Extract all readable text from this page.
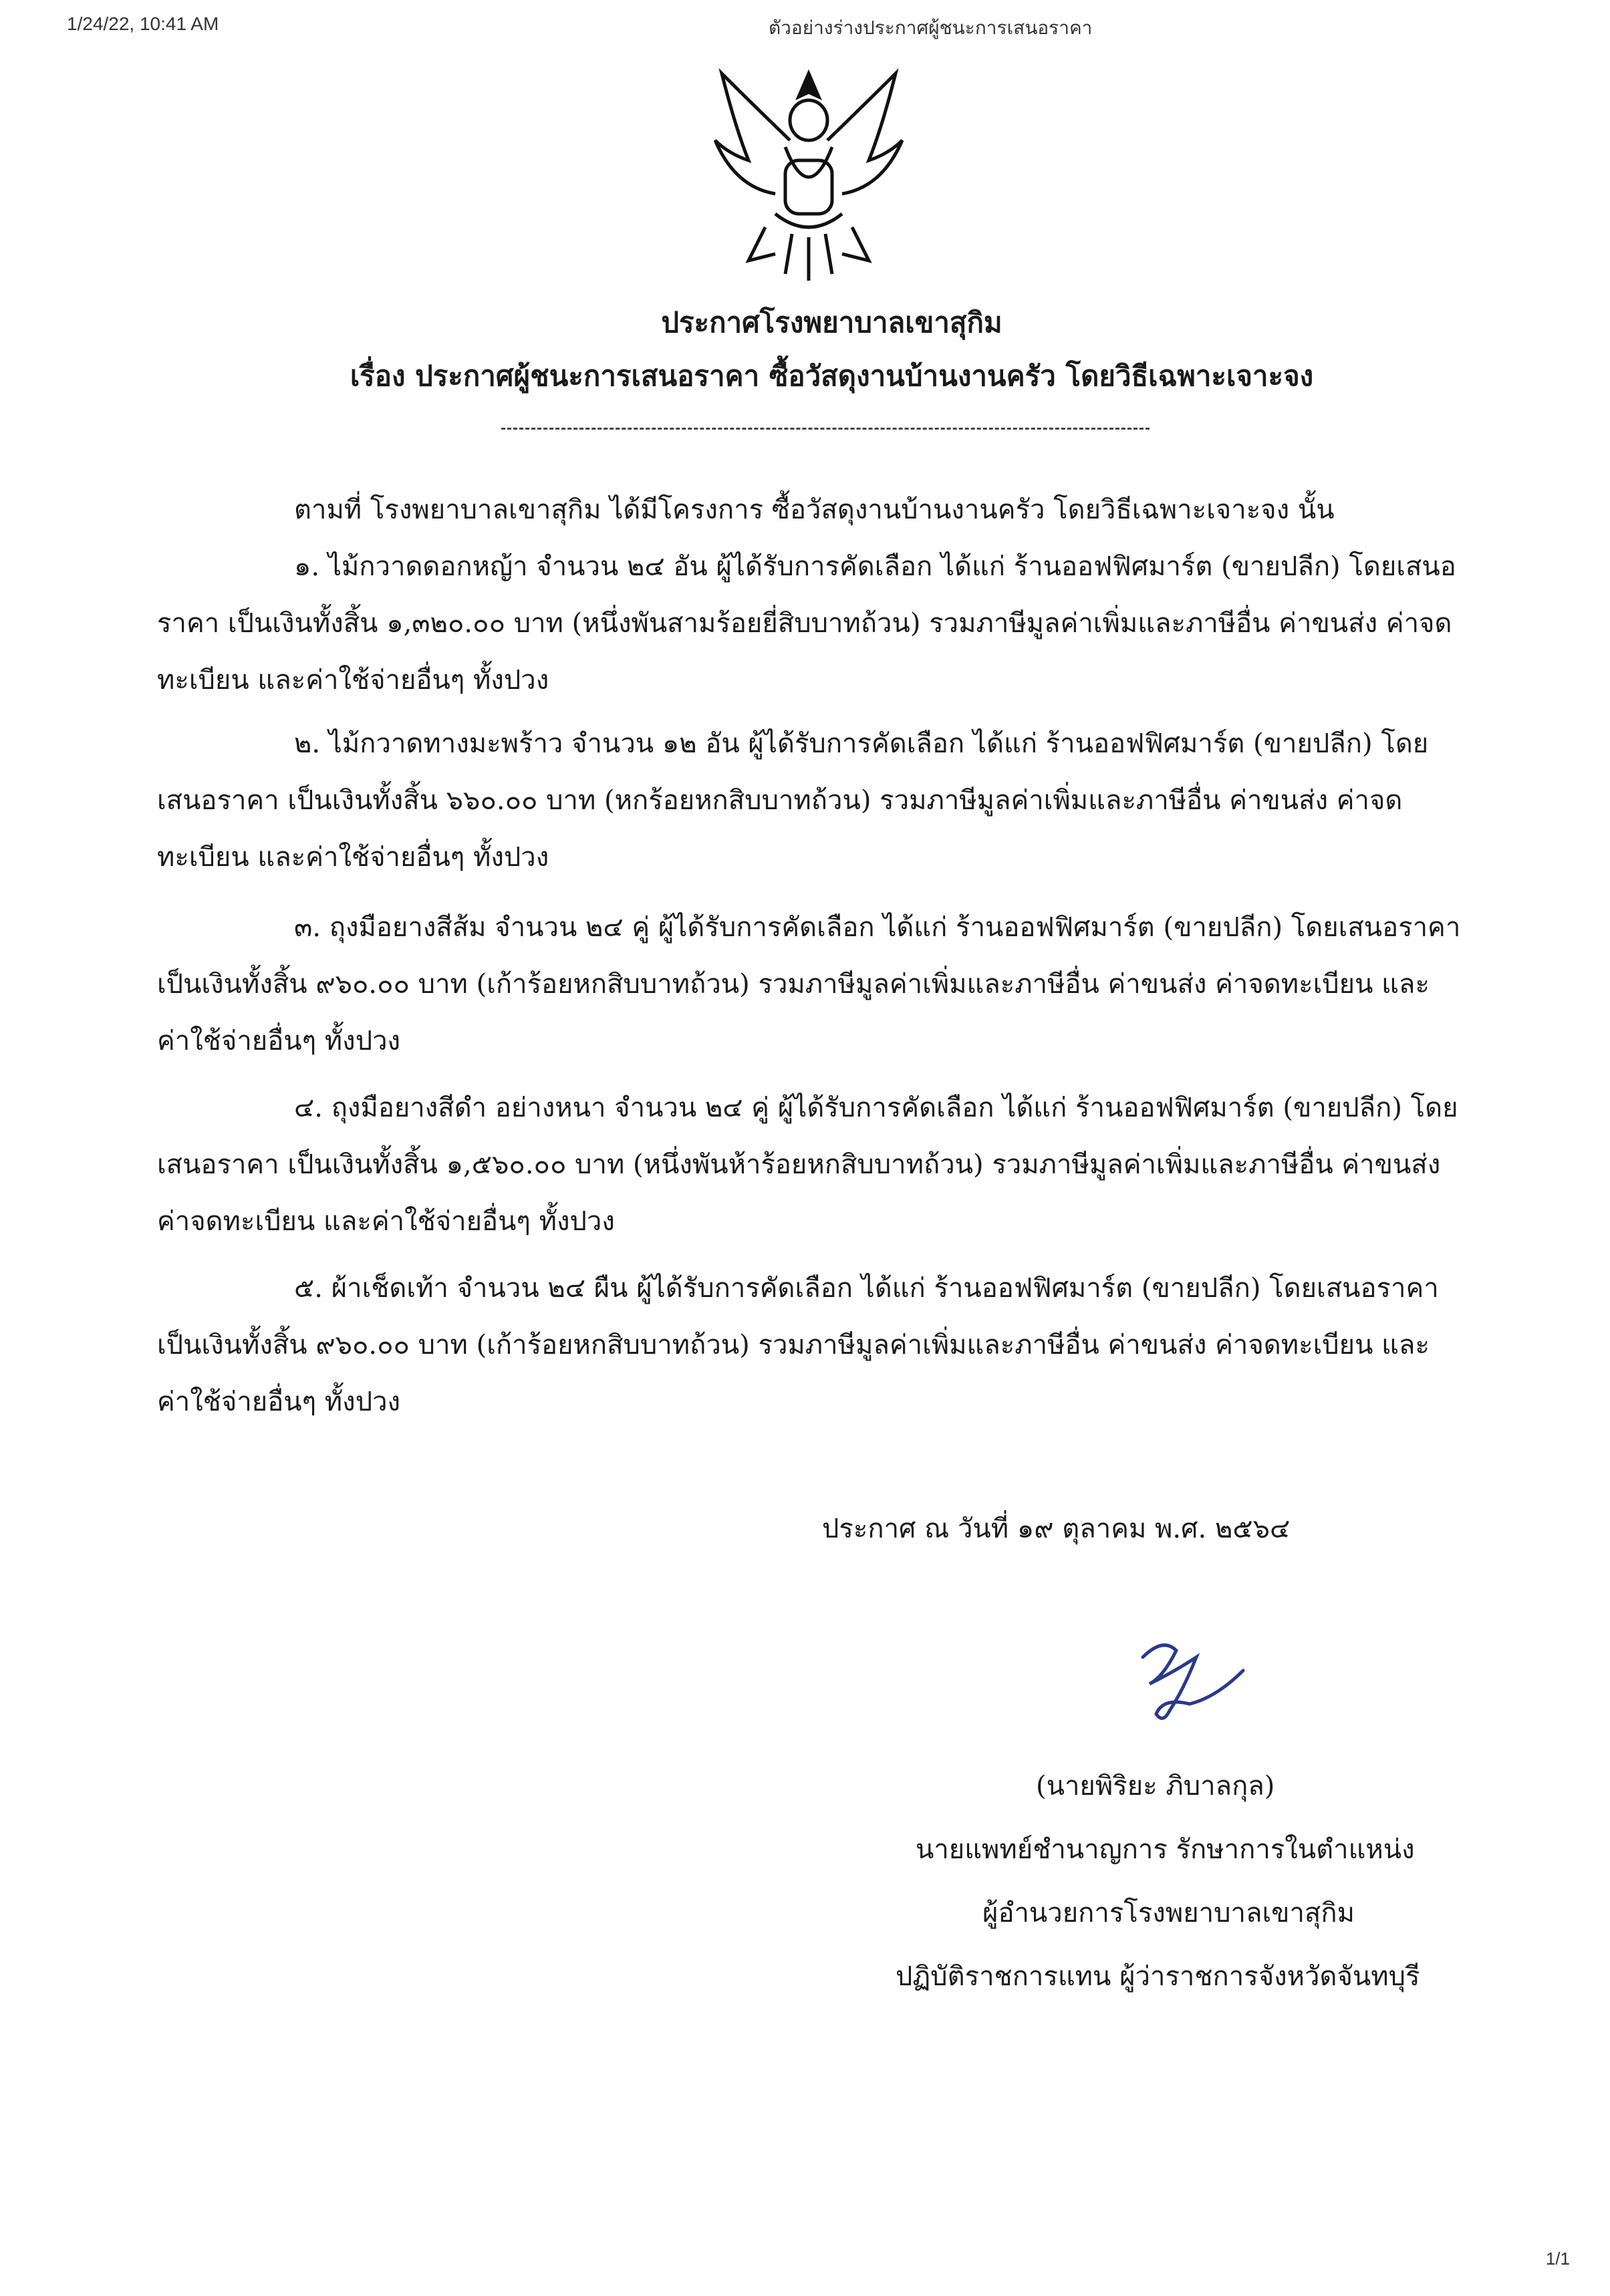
1/24/22, 10:41 AM	ตัวอย่างร่างประกาศผู้ชนะการเสนอราคา
ประกาศโรงพยาบาลเขาสุกิม
เรื่อง ประกาศผู้ชนะการเสนอราคา ซื้อวัสดุงานบ้านงานครัว โดยวิธีเฉพาะเจาะจง
ตามที่ โรงพยาบาลเขาสุกิม ได้มีโครงการ ซื้อวัสดุงานบ้านงานครัว โดยวิธีเฉพาะเจาะจง นั้น
๑. ไม้กวาดดอกหญ้า จำนวน ๒๔ อัน ผู้ได้รับการคัดเลือก ได้แก่ ร้านออฟฟิศมาร์ต (ขายปลีก) โดยเสนอ
ราคา เป็นเงินทั้งสิ้น ๑,๓๒๐.๐๐ บาท (หนึ่งพันสามร้อยยี่สิบบาทถ้วน) รวมภาษีมูลค่าเพิ่มและภาษีอื่น ค่าขนส่ง ค่าจด
ทะเบียน และค่าใช้จ่ายอื่นๆ ทั้งปวง
๒. ไม้กวาดทางมะพร้าว จำนวน ๑๒ อัน ผู้ได้รับการคัดเลือก ได้แก่ ร้านออฟฟิศมาร์ต (ขายปลีก) โดย
เสนอราคา เป็นเงินทั้งสิ้น ๖๖๐.๐๐ บาท (หกร้อยหกสิบบาทถ้วน) รวมภาษีมูลค่าเพิ่มและภาษีอื่น ค่าขนส่ง ค่าจด
ทะเบียน และค่าใช้จ่ายอื่นๆ ทั้งปวง
๓. ถุงมือยางสีส้ม จำนวน ๒๔ คู่ ผู้ได้รับการคัดเลือก ได้แก่ ร้านออฟฟิศมาร์ต (ขายปลีก) โดยเสนอราคา
เป็นเงินทั้งสิ้น ๙๖๐.๐๐ บาท (เก้าร้อยหกสิบบาทถ้วน) รวมภาษีมูลค่าเพิ่มและภาษีอื่น ค่าขนส่ง ค่าจดทะเบียน และ
ค่าใช้จ่ายอื่นๆ ทั้งปวง
๔. ถุงมือยางสีดำ อย่างหนา จำนวน ๒๔ คู่ ผู้ได้รับการคัดเลือก ได้แก่ ร้านออฟฟิศมาร์ต (ขายปลีก) โดย
เสนอราคา เป็นเงินทั้งสิ้น ๑,๕๖๐.๐๐ บาท (หนึ่งพันห้าร้อยหกสิบบาทถ้วน) รวมภาษีมูลค่าเพิ่มและภาษีอื่น ค่าขนส่ง
ค่าจดทะเบียน และค่าใช้จ่ายอื่นๆ ทั้งปวง
๕. ผ้าเช็ดเท้า จำนวน ๒๔ ผืน ผู้ได้รับการคัดเลือก ได้แก่ ร้านออฟฟิศมาร์ต (ขายปลีก) โดยเสนอราคา
เป็นเงินทั้งสิ้น ๙๖๐.๐๐ บาท (เก้าร้อยหกสิบบาทถ้วน) รวมภาษีมูลค่าเพิ่มและภาษีอื่น ค่าขนส่ง ค่าจดทะเบียน และ
ค่าใช้จ่ายอื่นๆ ทั้งปวง
ประกาศ ณ วันที่ ๑๙ ตุลาคม พ.ศ. ๒๕๖๔
(นายพิริยะ ภิบาลกุล)
นายแพทย์ชำนาญการ รักษาการในตำแหน่ง
ผู้อำนวยการโรงพยาบาลเขาสุกิม
ปฏิบัติราชการแทน ผู้ว่าราชการจังหวัดจันทบุรี
1/1
